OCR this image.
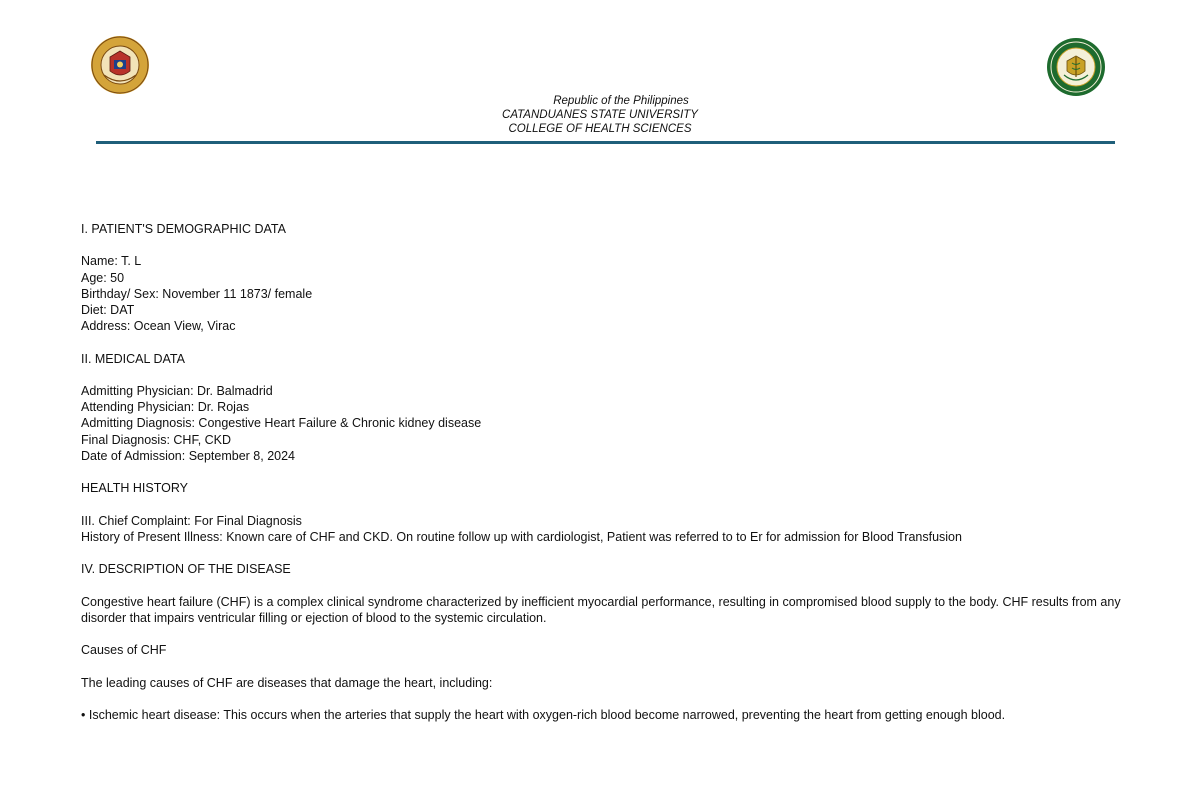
Republic of the Philippines
CATANDUANES STATE UNIVERSITY
COLLEGE OF HEALTH SCIENCES

I. PATIENT'S DEMOGRAPHIC DATA

Name: T. L

Age: 50

Birthday/ Sex: November 11 1873/ female

Diet: DAT

Address: Ocean View, Virac

II. MEDICAL DATA

Admitting Physician: Dr. Balmadrid

Attending Physician: Dr. Rojas

Admitting Diagnosis: Congestive Heart Failure & Chronic kidney disease

Final Diagnosis: CHF, CKD

Date of Admission: September 8, 2024

HEALTH HISTORY

III. Chief Complaint: For Final Diagnosis

History of Present Illness: Known care of CHF and CKD. On routine follow up with cardiologist, Patient was referred to to Er for admission for Blood Transfusion

IV. DESCRIPTION OF THE DISEASE

Congestive heart failure (CHF) is a complex clinical syndrome characterized by inefficient myocardial performance, resulting in compromised blood supply to the body. CHF results from any disorder that impairs ventricular filling or ejection of blood to the systemic circulation.

Causes of CHF

The leading causes of CHF are diseases that damage the heart, including:

• Ischemic heart disease: This occurs when the arteries that supply the heart with oxygen-rich blood become narrowed, preventing the heart from getting enough blood.
